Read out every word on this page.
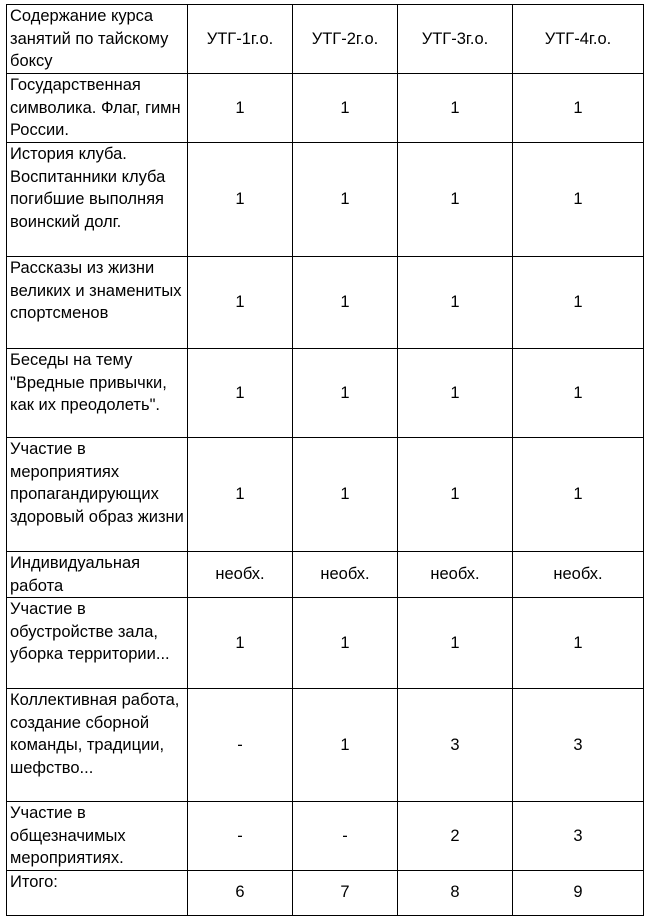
Содержание курса занятий по тайскому боксу	УТГ-1г.о.	УТГ-2г.о.	УТГ-3г.о.	УТГ-4г.о.
Государственная символика. Флаг, гимн России.	1	1	1	1
История клуба. Воспитанники клуба погибшие выполняя воинский долг.	1	1	1	1
Рассказы из жизни великих и знаменитых спортсменов	1	1	1	1
Беседы на тему "Вредные привычки, как их преодолеть".	1	1	1	1
Участие в мероприятиях пропагандирующих здоровый образ жизни	1	1	1	1
Индивидуальная работа	необх.	необх.	необх.	необх.
Участие в обустройстве зала, уборка территории...	1	1	1	1
Коллективная работа, создание сборной команды, традиции, шефство...	-	1	3	3
Участие в общезначимых мероприятиях.	-	-	2	3
Итого:	6	7	8	9
